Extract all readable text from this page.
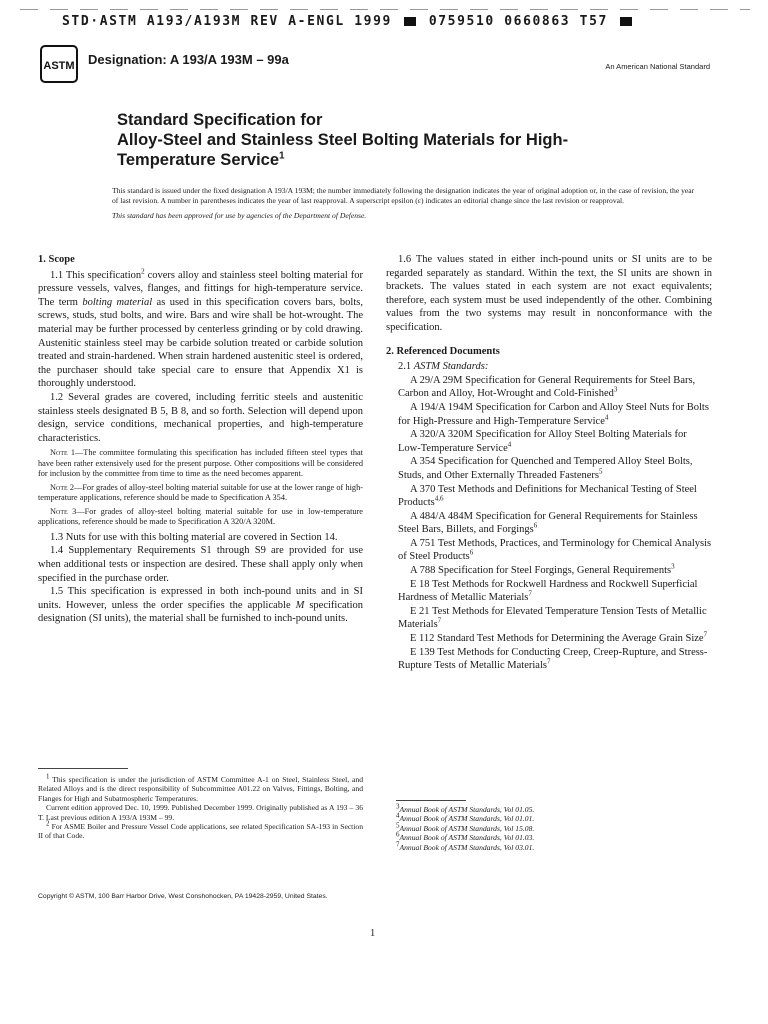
STD·ASTM A193/A193M REV A-ENGL 1999	0759510 0660863 T57
ASTM Designation: A 193/A 193M – 99a	An American National Standard
Standard Specification for
Alloy-Steel and Stainless Steel Bolting Materials for High-
Temperature Service$^1$
This standard is issued under the fixed designation A 193/A 193M; the number immediately following the designation indicates the year of original adoption or, in the case of revision, the year of last revision. A number in parentheses indicates the year of last reapproval. A superscript epsilon (ε) indicates an editorial change since the last revision or reapproval.
This standard has been approved for use by agencies of the Department of Defense.
1. Scope

1.1 This specification$^2$ covers alloy and stainless steel bolting material for pressure vessels, valves, flanges, and fittings for high-temperature service. The term bolting material as used in this specification covers bars, bolts, screws, studs, stud bolts, and wire. Bars and wire shall be hot-wrought. The material may be further processed by centerless grinding or by cold drawing. Austenitic stainless steel may be carbide solution treated or carbide solution treated and strain-hardened. When strain hardened austenitic steel is ordered, the purchaser should take special care to ensure that Appendix X1 is thoroughly understood.

1.2 Several grades are covered, including ferritic steels and austenitic stainless steels designated B 5, B 8, and so forth. Selection will depend upon design, service conditions, mechanical properties, and high-temperature characteristics.

Note 1—The committee formulating this specification has included fifteen steel types that have been rather extensively used for the present purpose. Other compositions will be considered for inclusion by the committee from time to time as the need becomes apparent.

Note 2—For grades of alloy-steel bolting material suitable for use at the lower range of high-temperature applications, reference should be made to Specification A 354.

Note 3—For grades of alloy-steel bolting material suitable for use in low-temperature applications, reference should be made to Specification A 320/A 320M.

1.3 Nuts for use with this bolting material are covered in Section 14.

1.4 Supplementary Requirements S1 through S9 are provided for use when additional tests or inspection are desired. These shall apply only when specified in the purchase order.

1.5 This specification is expressed in both inch-pound units and in SI units. However, unless the order specifies the applicable M specification designation (SI units), the material shall be furnished to inch-pound units.

1.6 The values stated in either inch-pound units or SI units are to be regarded separately as standard. Within the text, the SI units are shown in brackets. The values stated in each system are not exact equivalents; therefore, each system must be used independently of the other. Combining values from the two systems may result in nonconformance with the specification.

2. Referenced Documents

2.1 ASTM Standards:

A 29/A 29M Specification for General Requirements for Steel Bars, Carbon and Alloy, Hot-Wrought and Cold-Finished$^3$

A 194/A 194M Specification for Carbon and Alloy Steel Nuts for Bolts for High-Pressure and High-Temperature Service$^4$

A 320/A 320M Specification for Alloy Steel Bolting Materials for Low-Temperature Service$^4$

A 354 Specification for Quenched and Tempered Alloy Steel Bolts, Studs, and Other Externally Threaded Fasteners$^5$

A 370 Test Methods and Definitions for Mechanical Testing of Steel Products$^{4,6}$

A 484/A 484M Specification for General Requirements for Stainless Steel Bars, Billets, and Forgings$^6$

A 751 Test Methods, Practices, and Terminology for Chemical Analysis of Steel Products$^6$

A 788 Specification for Steel Forgings, General Requirements$^3$

E 18 Test Methods for Rockwell Hardness and Rockwell Superficial Hardness of Metallic Materials$^7$

E 21 Test Methods for Elevated Temperature Tension Tests of Metallic Materials$^7$

E 112 Standard Test Methods for Determining the Average Grain Size$^7$

E 139 Test Methods for Conducting Creep, Creep-Rupture, and Stress-Rupture Tests of Metallic Materials$^7$

$^1$ This specification is under the jurisdiction of ASTM Committee A-1 on Steel, Stainless Steel, and Related Alloys and is the direct responsibility of Subcommittee A01.22 on Valves, Fittings, Bolting, and Flanges for High and Subatmospheric Temperatures.

Current edition approved Dec. 10, 1999. Published December 1999. Originally published as A 193 – 36 T. Last previous edition A 193/A 193M – 99.

$^2$ For ASME Boiler and Pressure Vessel Code applications, see related Specification SA-193 in Section II of that Code.

$^3$Annual Book of ASTM Standards, Vol 01.05.

$^4$Annual Book of ASTM Standards, Vol 01.01.

$^5$Annual Book of ASTM Standards, Vol 15.08.

$^6$Annual Book of ASTM Standards, Vol 01.03.

$^7$Annual Book of ASTM Standards, Vol 03.01.

Copyright © ASTM, 100 Barr Harbor Drive, West Conshohocken, PA 19428-2959, United States.
1
